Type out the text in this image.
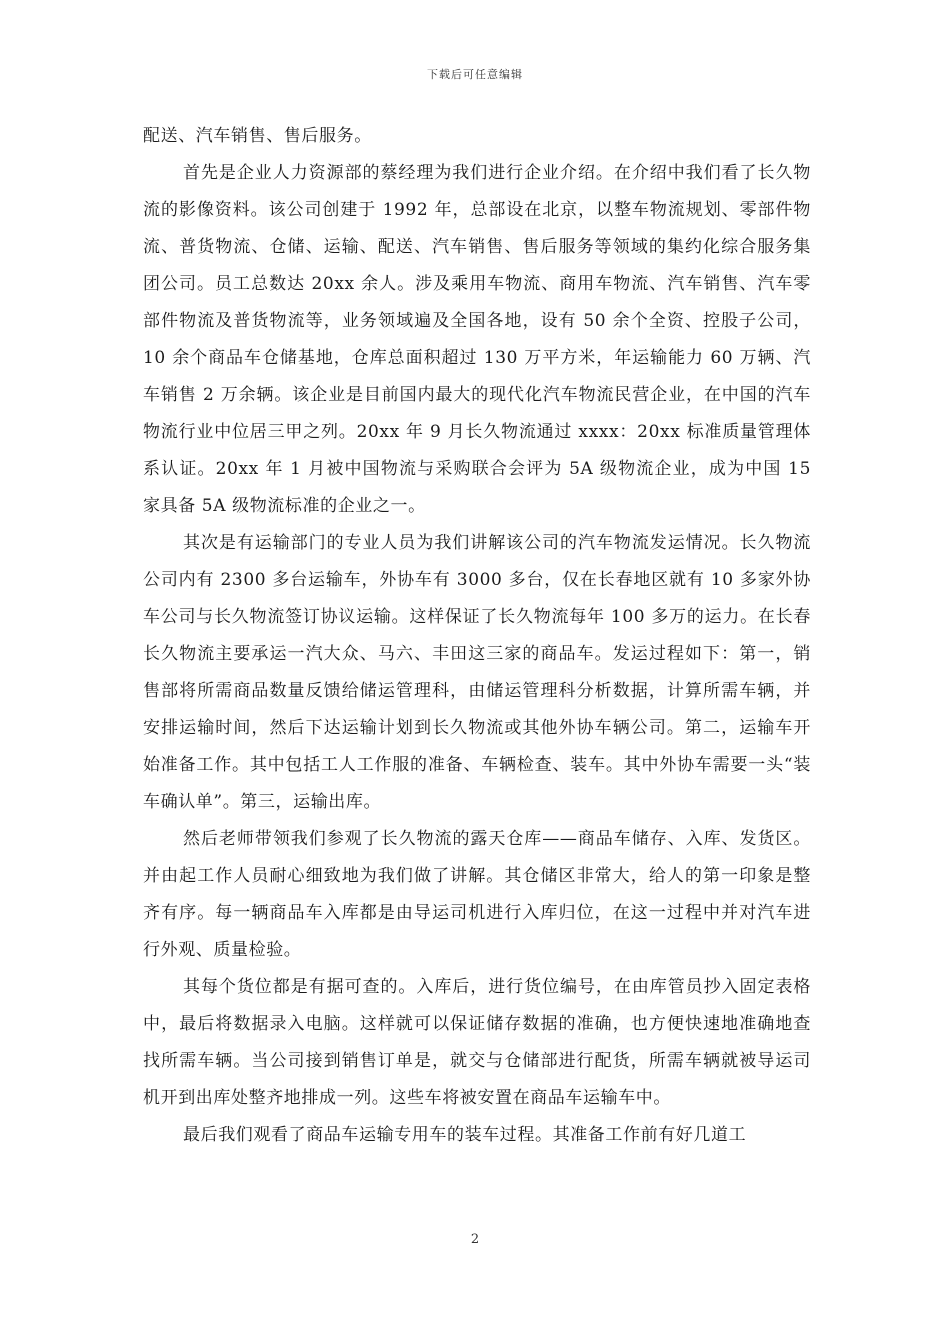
下载后可任意编辑

配送、汽车销售、售后服务。

首先是企业人力资源部的蔡经理为我们进行企业介绍。在介绍中我们看了长久物流的影像资料。该公司创建于 1992 年，总部设在北京，以整车物流规划、零部件物流、普货物流、仓储、运输、配送、汽车销售、售后服务等领域的集约化综合服务集团公司。员工总数达 20xx 余人。涉及乘用车物流、商用车物流、汽车销售、汽车零部件物流及普货物流等，业务领域遍及全国各地，设有 50 余个全资、控股子公司，10 余个商品车仓储基地，仓库总面积超过 130 万平方米，年运输能力 60 万辆、汽车销售 2 万余辆。该企业是目前国内最大的现代化汽车物流民营企业，在中国的汽车物流行业中位居三甲之列。20xx 年 9 月长久物流通过 xxxx：20xx 标准质量管理体系认证。20xx 年 1 月被中国物流与采购联合会评为 5A 级物流企业，成为中国 15 家具备 5A 级物流标准的企业之一。

其次是有运输部门的专业人员为我们讲解该公司的汽车物流发运情况。长久物流公司内有 2300 多台运输车，外协车有 3000 多台，仅在长春地区就有 10 多家外协车公司与长久物流签订协议运输。这样保证了长久物流每年 100 多万的运力。在长春长久物流主要承运一汽大众、马六、丰田这三家的商品车。发运过程如下：第一，销售部将所需商品数量反馈给储运管理科，由储运管理科分析数据，计算所需车辆，并安排运输时间，然后下达运输计划到长久物流或其他外协车辆公司。第二，运输车开始准备工作。其中包括工人工作服的准备、车辆检查、装车。其中外协车需要一头“装车确认单”。第三，运输出库。

然后老师带领我们参观了长久物流的露天仓库——商品车储存、入库、发货区。并由起工作人员耐心细致地为我们做了讲解。其仓储区非常大，给人的第一印象是整齐有序。每一辆商品车入库都是由导运司机进行入库归位，在这一过程中并对汽车进行外观、质量检验。

其每个货位都是有据可查的。入库后，进行货位编号，在由库管员抄入固定表格中，最后将数据录入电脑。这样就可以保证储存数据的准确，也方便快速地准确地查找所需车辆。当公司接到销售订单是，就交与仓储部进行配货，所需车辆就被导运司机开到出库处整齐地排成一列。这些车将被安置在商品车运输车中。

最后我们观看了商品车运输专用车的装车过程。其准备工作前有好几道工

2
